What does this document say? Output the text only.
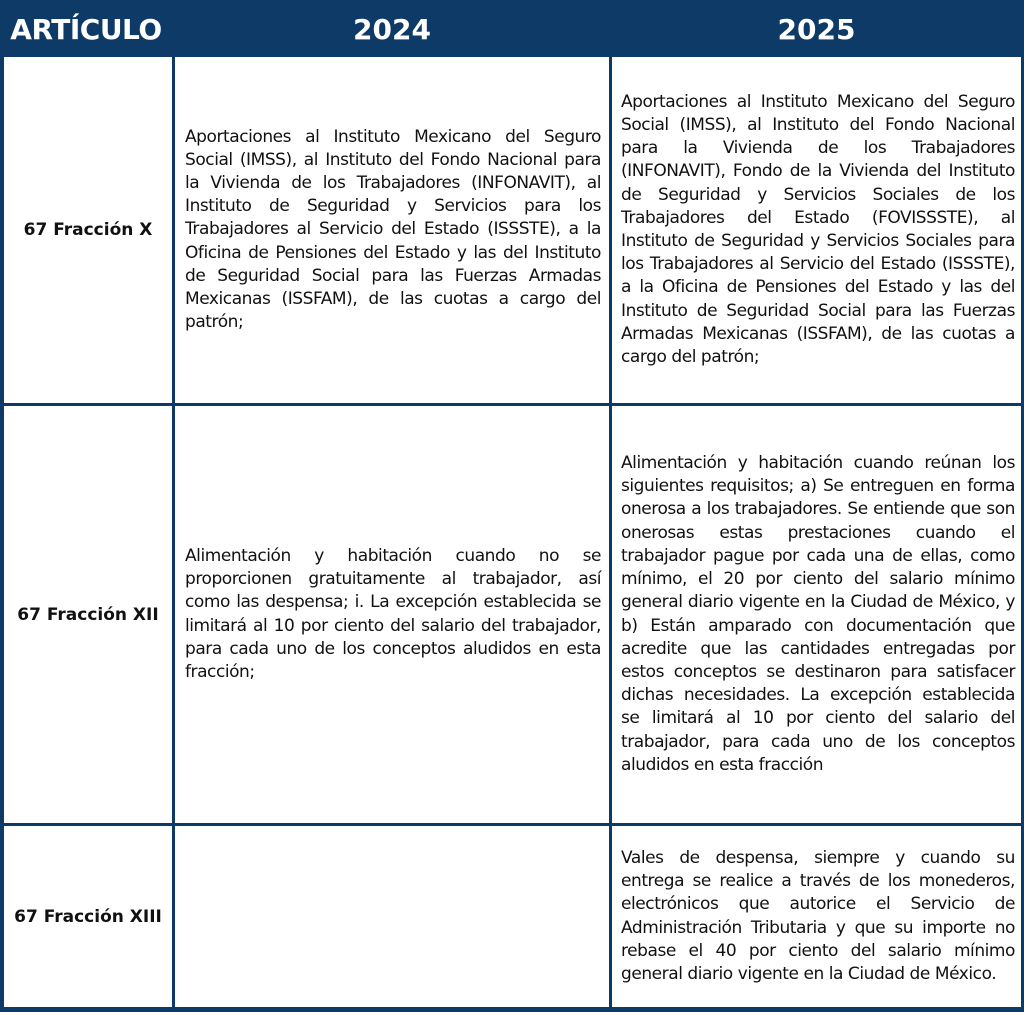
ARTÍCULO	2024	2025
67 Fracción X
Aportaciones al Instituto Mexicano del Seguro Social (IMSS), al Instituto del Fondo Nacional para la Vivienda de los Trabajadores (INFONAVIT), al Instituto de Seguridad y Servicios para los Trabajadores al Servicio del Estado (ISSSTE), a la Oficina de Pensiones del Estado y las del Instituto de Seguridad Social para las Fuerzas Armadas Mexicanas (ISSFAM), de las cuotas a cargo del patrón;
Aportaciones al Instituto Mexicano del Seguro Social (IMSS), al Instituto del Fondo Nacional para la Vivienda de los Trabajadores (INFONAVIT), Fondo de la Vivienda del Instituto de Seguridad y Servicios Sociales de los Trabajadores del Estado (FOVISSSTE), al Instituto de Seguridad y Servicios Sociales para los Trabajadores al Servicio del Estado (ISSSTE), a la Oficina de Pensiones del Estado y las del Instituto de Seguridad Social para las Fuerzas Armadas Mexicanas (ISSFAM), de las cuotas a cargo del patrón;
67 Fracción XII
Alimentación y habitación cuando no se proporcionen gratuitamente al trabajador, así como las despensa; i. La excepción establecida se limitará al 10 por ciento del salario del trabajador, para cada uno de los conceptos aludidos en esta fracción;
Alimentación y habitación cuando reúnan los siguientes requisitos; a) Se entreguen en forma onerosa a los trabajadores. Se entiende que son onerosas estas prestaciones cuando el trabajador pague por cada una de ellas, como mínimo, el 20 por ciento del salario mínimo general diario vigente en la Ciudad de México, y b) Están amparado con documentación que acredite que las cantidades entregadas por estos conceptos se destinaron para satisfacer dichas necesidades. La excepción establecida se limitará al 10 por ciento del salario del trabajador, para cada uno de los conceptos aludidos en esta fracción
67 Fracción XIII
Vales de despensa, siempre y cuando su entrega se realice a través de los monederos, electrónicos que autorice el Servicio de Administración Tributaria y que su importe no rebase el 40 por ciento del salario mínimo general diario vigente en la Ciudad de México.
